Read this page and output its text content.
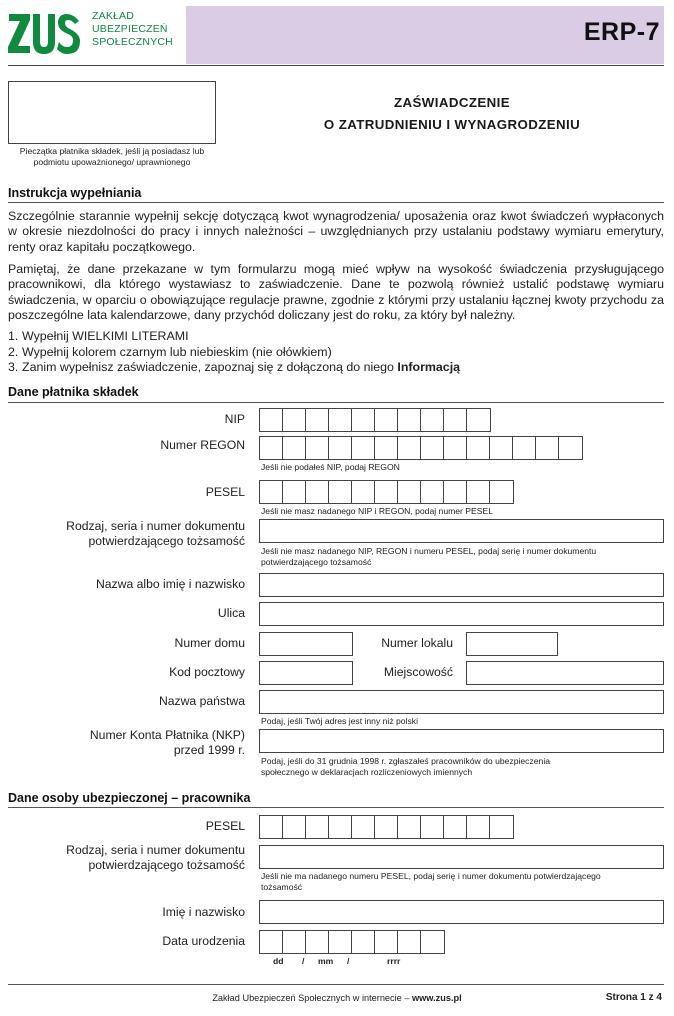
ZAKŁAD
UBEZPIECZEŃ
SPOŁECZNYCH	ERP-7
Pieczątka płatnika składek, jeśli ją posiadasz lub podmiotu upoważnionego/ uprawnionego
ZAŚWIADCZENIE
O ZATRUDNIENIU I WYNAGRODZENIU
Instrukcja wypełniania
Szczególnie starannie wypełnij sekcję dotyczącą kwot wynagrodzenia/ uposażenia oraz kwot świadczeń wypłaconych w okresie niezdolności do pracy i innych należności – uwzględnianych przy ustalaniu podstawy wymiaru emerytury, renty oraz kapitału początkowego.
Pamiętaj, że dane przekazane w tym formularzu mogą mieć wpływ na wysokość świadczenia przysługującego pracownikowi, dla którego wystawiasz to zaświadczenie. Dane te pozwolą również ustalić podstawę wymiaru świadczenia, w oparciu o obowiązujące regulacje prawne, zgodnie z którymi przy ustalaniu łącznej kwoty przychodu za poszczególne lata kalendarzowe, dany przychód doliczany jest do roku, za który był należny.
1. Wypełnij WIELKIMI LITERAMI
2. Wypełnij kolorem czarnym lub niebieskim (nie ołówkiem)
3. Zanim wypełnisz zaświadczenie, zapoznaj się z dołączoną do niego Informacją
Dane płatnika składek
NIP
Numer REGON
Jeśli nie podałeś NIP, podaj REGON
PESEL
Jeśli nie masz nadanego NIP i REGON, podaj numer PESEL
Rodzaj, seria i numer dokumentu
potwierdzającego tożsamość
Jeśli nie masz nadanego NIP, REGON i numeru PESEL, podaj serię i numer dokumentu
potwierdzającego tożsamość
Nazwa albo imię i nazwisko
Ulica
Numer domu	Numer lokalu
Kod pocztowy	Miejscowość
Nazwa państwa
Podaj, jeśli Twój adres jest inny niż polski
Numer Konta Płatnika (NKP)
przed 1999 r.
Podaj, jeśli do 31 grudnia 1998 r. zgłaszałeś pracowników do ubezpieczenia
społecznego w deklaracjach rozliczeniowych imiennych
Dane osoby ubezpieczonej – pracownika
PESEL
Rodzaj, seria i numer dokumentu
potwierdzającego tożsamość
Jeśli nie ma nadanego numeru PESEL, podaj serię i numer dokumentu potwierdzającego
tożsamość
Imię i nazwisko
Data urodzenia
dd / mm /	rrrr
Zakład Ubezpieczeń Społecznych w internecie – www.zus.pl	Strona 1 z 4
